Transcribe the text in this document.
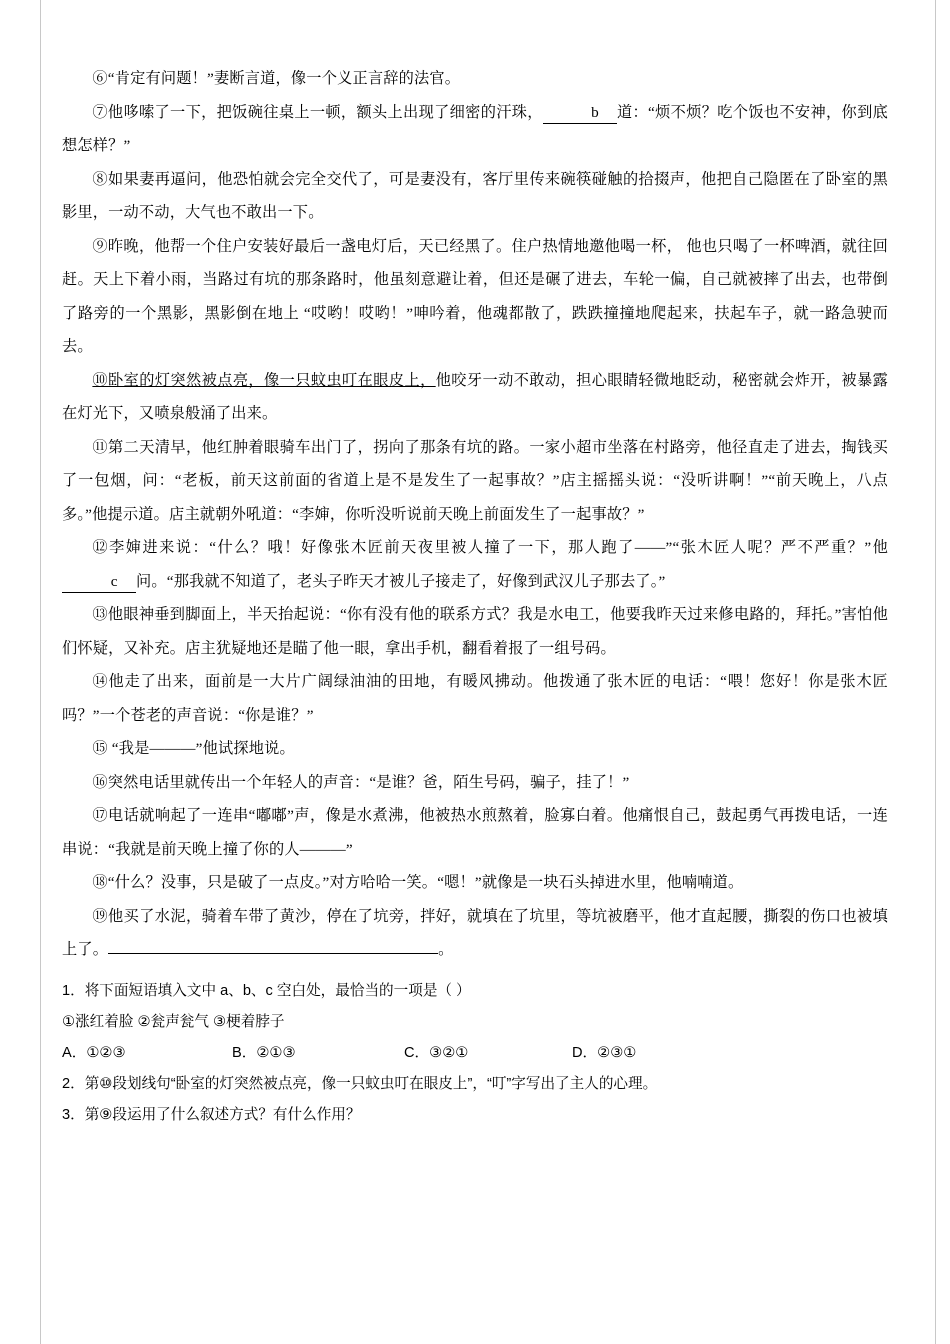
⑥“肯定有问题！”妻断言道，像一个义正言辞的法官。

⑦他哆嗦了一下，把饭碗往桌上一顿，额头上出现了细密的汗珠，	b 道：“烦不烦？吃个饭也不安神，你到底想怎样？”

⑧如果妻再逼问，他恐怕就会完全交代了，可是妻没有，客厅里传来碗筷碰触的拾掇声，他把自己隐匿在了卧室的黑影里，一动不动，大气也不敢出一下。

⑨昨晚，他帮一个住户安装好最后一盏电灯后，天已经黑了。住户热情地邀他喝一杯， 他也只喝了一杯啤酒，就往回赶。天上下着小雨，当路过有坑的那条路时，他虽刻意避让着，但还是碾了进去，车轮一偏，自己就被摔了出去，也带倒了路旁的一个黑影，黑影倒在地上 “哎哟！哎哟！”呻吟着，他魂都散了，跌跌撞撞地爬起来，扶起车子，就一路急驶而去。

⑩卧室的灯突然被点亮，像一只蚊虫叮在眼皮上，他咬牙一动不敢动，担心眼睛轻微地眨动，秘密就会炸开，被暴露在灯光下，又喷泉般涌了出来。

⑪第二天清早，他红肿着眼骑车出门了，拐向了那条有坑的路。一家小超市坐落在村路旁，他径直走了进去，掏钱买了一包烟，问：“老板，前天这前面的省道上是不是发生了一起事故？”店主摇摇头说：“没听讲啊！”“前天晚上，八点多。”他提示道。店主就朝外吼道：“李婶，你听没听说前天晚上前面发生了一起事故？”

⑫李婶进来说：“什么？哦！好像张木匠前天夜里被人撞了一下，那人跑了——”“张木匠人呢？严不严重？”他c 问。“那我就不知道了，老头子昨天才被儿子接走了，好像到武汉儿子那去了。”

⑬他眼神垂到脚面上，半天抬起说：“你有没有他的联系方式？我是水电工，他要我昨天过来修电路的，拜托。”害怕他们怀疑，又补充。店主犹疑地还是瞄了他一眼，拿出手机，翻看着报了一组号码。

⑭他走了出来，面前是一大片广阔绿油油的田地，有暖风拂动。他拨通了张木匠的电话：“喂！您好！你是张木匠吗？”一个苍老的声音说：“你是谁？”

⑮ “我是———”他试探地说。

⑯突然电话里就传出一个年轻人的声音：“是谁？爸，陌生号码，骗子，挂了！”

⑰电话就响起了一连串“嘟嘟”声，像是水煮沸，他被热水煎熬着，脸寡白着。他痛恨自己，鼓起勇气再拨电话，一连串说：“我就是前天晚上撞了你的人———”

⑱“什么？没事，只是破了一点皮。”对方哈哈一笑。“嗯！”就像是一块石头掉进水里，他喃喃道。

⑲他买了水泥，骑着车带了黄沙，停在了坑旁，拌好，就填在了坑里，等坑被磨平，他才直起腰，撕裂的伤口也被填上了。	。

1．将下面短语填入文中 a、b、c 空白处，最恰当的一项是（ ）

①涨红着脸 ②瓮声瓮气 ③梗着脖子

A．①②③	B．②①③	C．③②①	D．②③①

2．第⑩段划线句“卧室的灯突然被点亮，像一只蚊虫叮在眼皮上”，“叮”字写出了主人的心理。

3．第⑨段运用了什么叙述方式？有什么作用？
